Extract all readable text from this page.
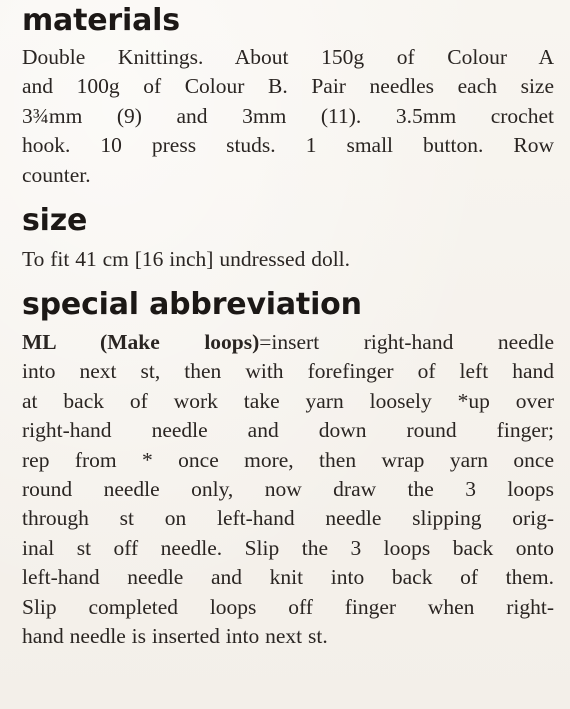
materials
Double Knittings. About 150g of Colour A
and 100g of Colour B. Pair needles each size
3¾mm (9) and 3mm (11). 3.5mm crochet
hook. 10 press studs. 1 small button. Row
counter.
size
To fit 41 cm [16 inch] undressed doll.
special abbreviation
ML (Make loops)=insert right-hand needle
into next st, then with forefinger of left hand
at back of work take yarn loosely *up over
right-hand needle and down round finger;
rep from * once more, then wrap yarn once
round needle only, now draw the 3 loops
through st on left-hand needle slipping orig-
inal st off needle. Slip the 3 loops back onto
left-hand needle and knit into back of them.
Slip completed loops off finger when right-
hand needle is inserted into next st.
